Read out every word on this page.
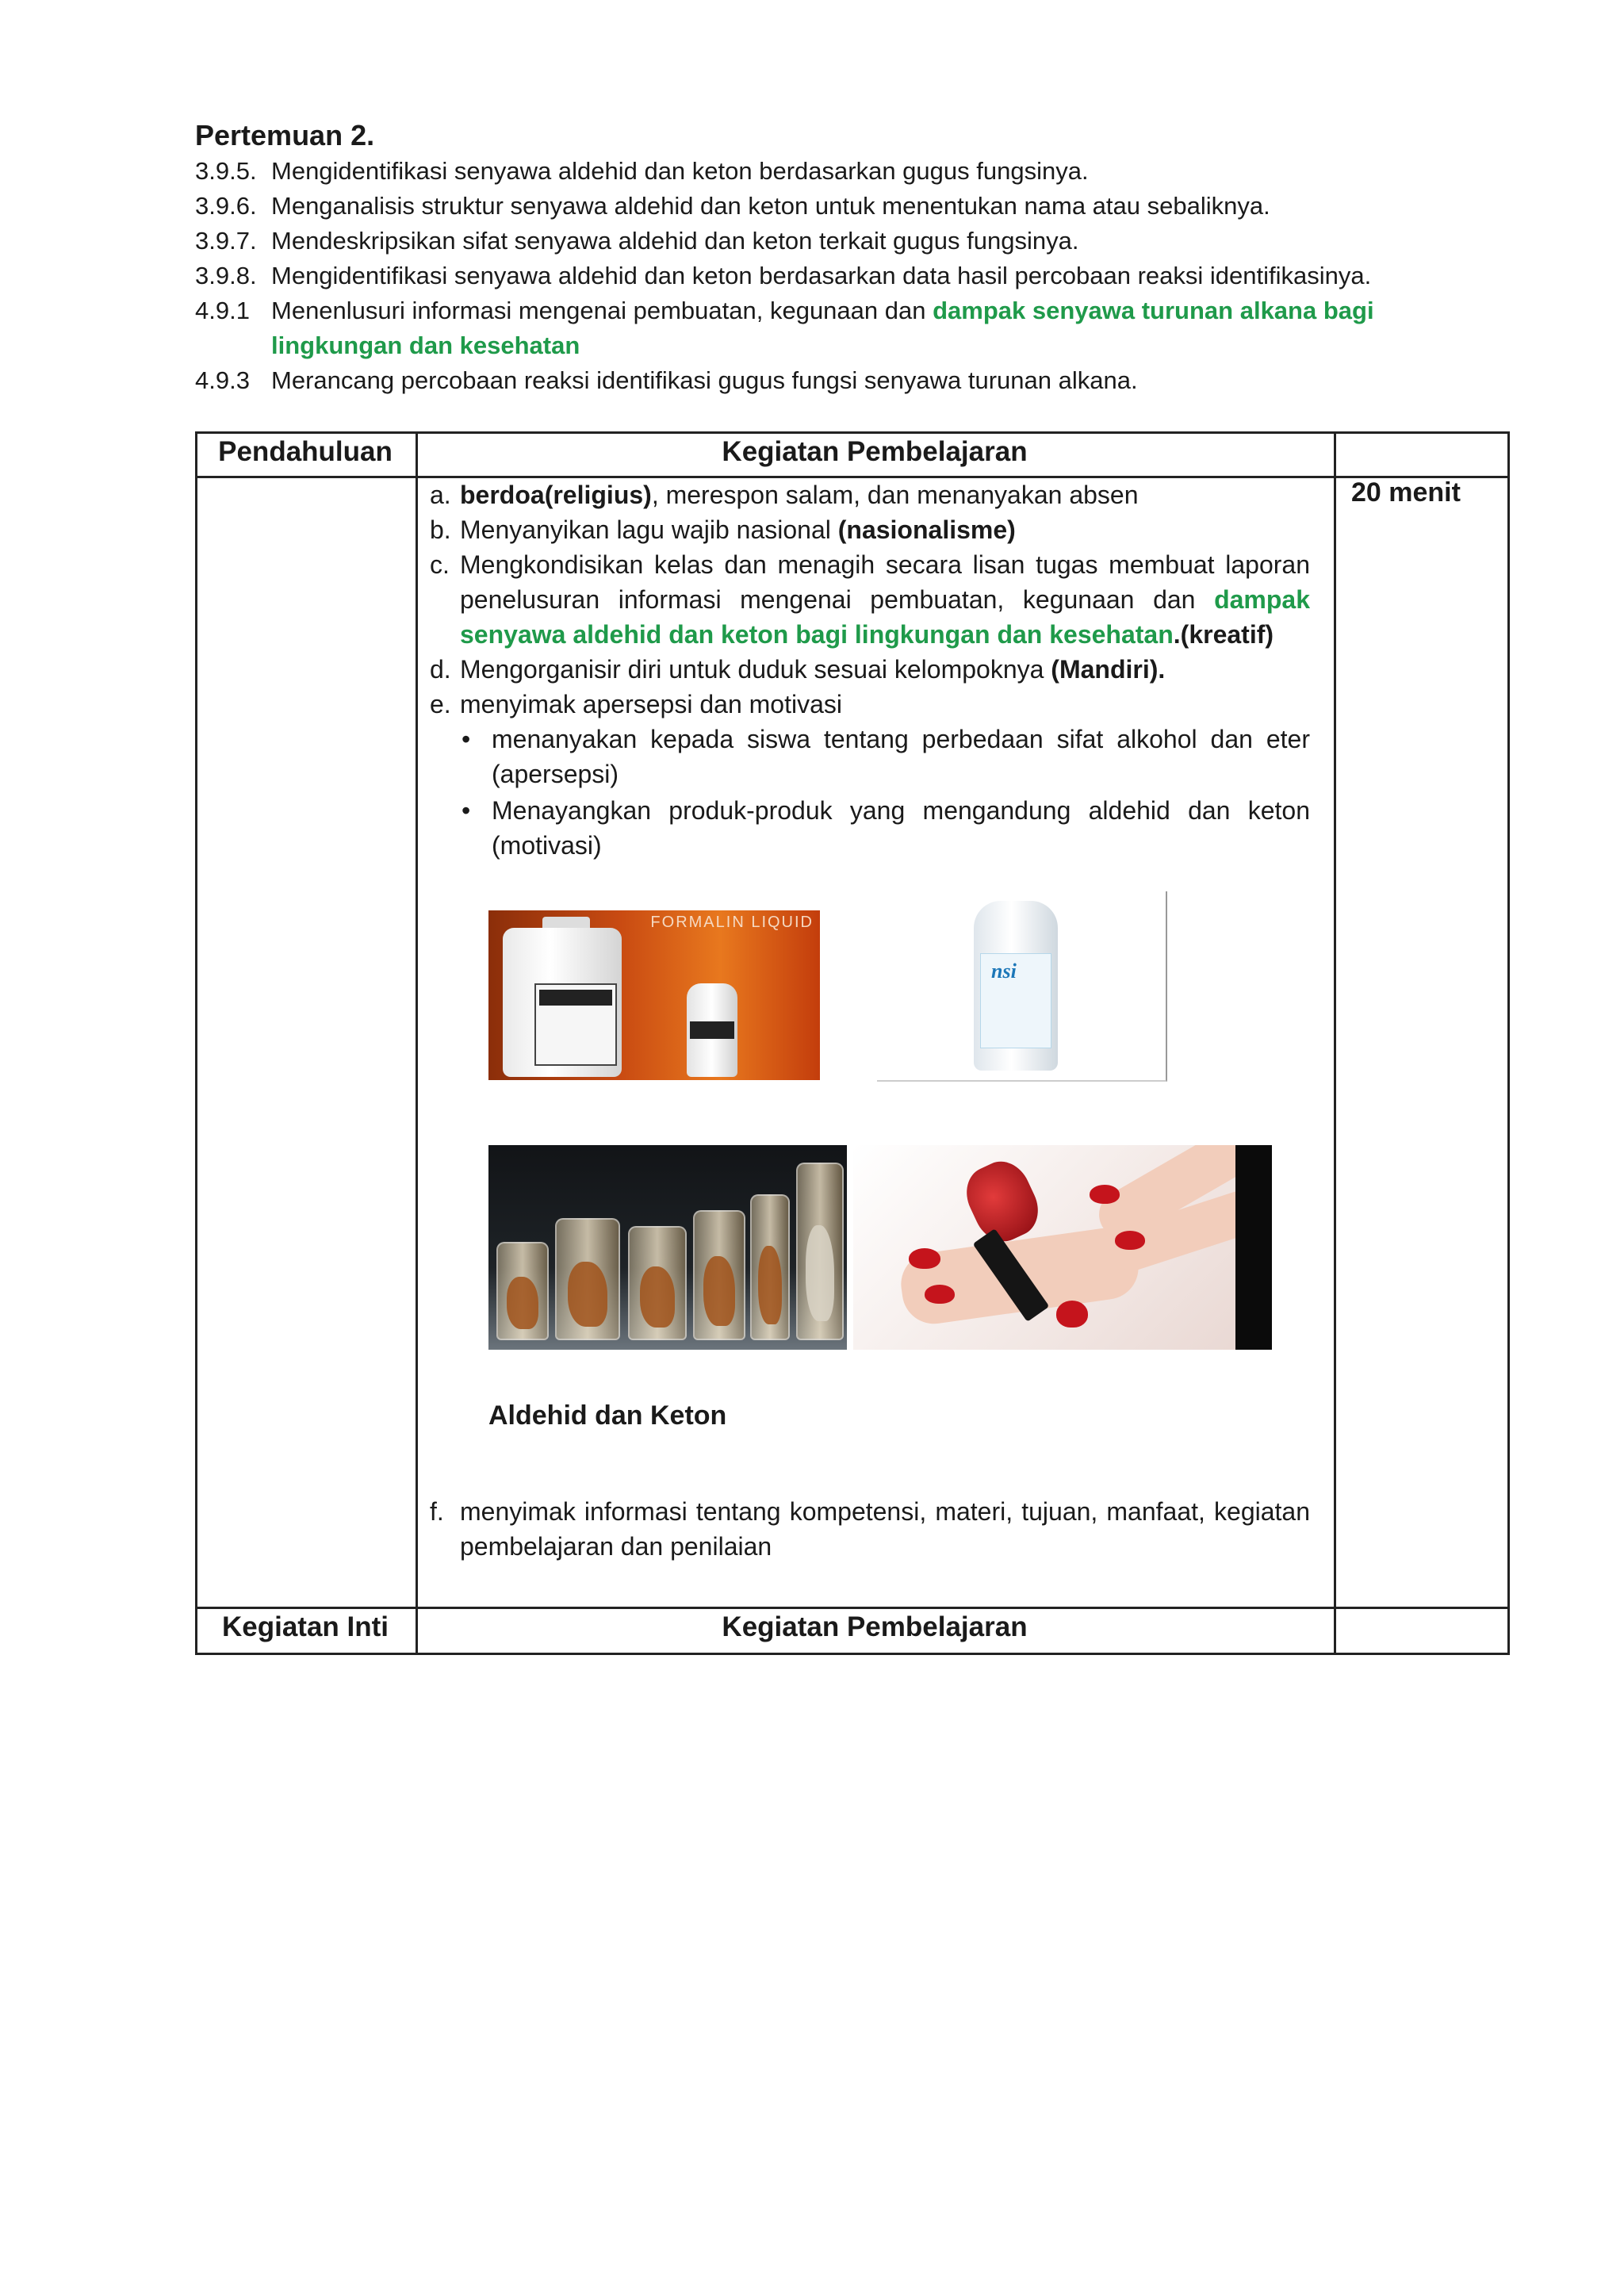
Pertemuan 2.
3.9.5. Mengidentifikasi senyawa aldehid dan keton berdasarkan gugus fungsinya.
3.9.6. Menganalisis struktur senyawa aldehid dan keton untuk menentukan nama atau sebaliknya.
3.9.7. Mendeskripsikan sifat senyawa aldehid dan keton terkait gugus fungsinya.
3.9.8. Mengidentifikasi senyawa aldehid dan keton berdasarkan data hasil percobaan reaksi identifikasinya.
4.9.1 Menenlusuri informasi mengenai pembuatan, kegunaan dan dampak senyawa turunan alkana bagi
lingkungan dan kesehatan
4.9.3 Merancang percobaan reaksi identifikasi gugus fungsi senyawa turunan alkana.
Pendahuluan	Kegiatan Pembelajaran
20 menit
a. berdoa(religius), merespon salam, dan menanyakan absen
b. Menyanyikan lagu wajib nasional (nasionalisme)
c. Mengkondisikan kelas dan menagih secara lisan tugas membuat laporan penelusuran informasi mengenai pembuatan, kegunaan dan dampak senyawa aldehid dan keton bagi lingkungan dan kesehatan.(kreatif)
d. Mengorganisir diri untuk duduk sesuai kelompoknya (Mandiri).
e. menyimak apersepsi dan motivasi
• menanyakan kepada siswa tentang perbedaan sifat alkohol dan eter (apersepsi)
• Menayangkan produk-produk yang mengandung aldehid dan keton (motivasi)
f. menyimak informasi tentang kompetensi, materi, tujuan, manfaat, kegiatan pembelajaran dan penilaian
FORMALIN LIQUID
nsi
Aldehid dan Keton
Kegiatan Inti	Kegiatan Pembelajaran
